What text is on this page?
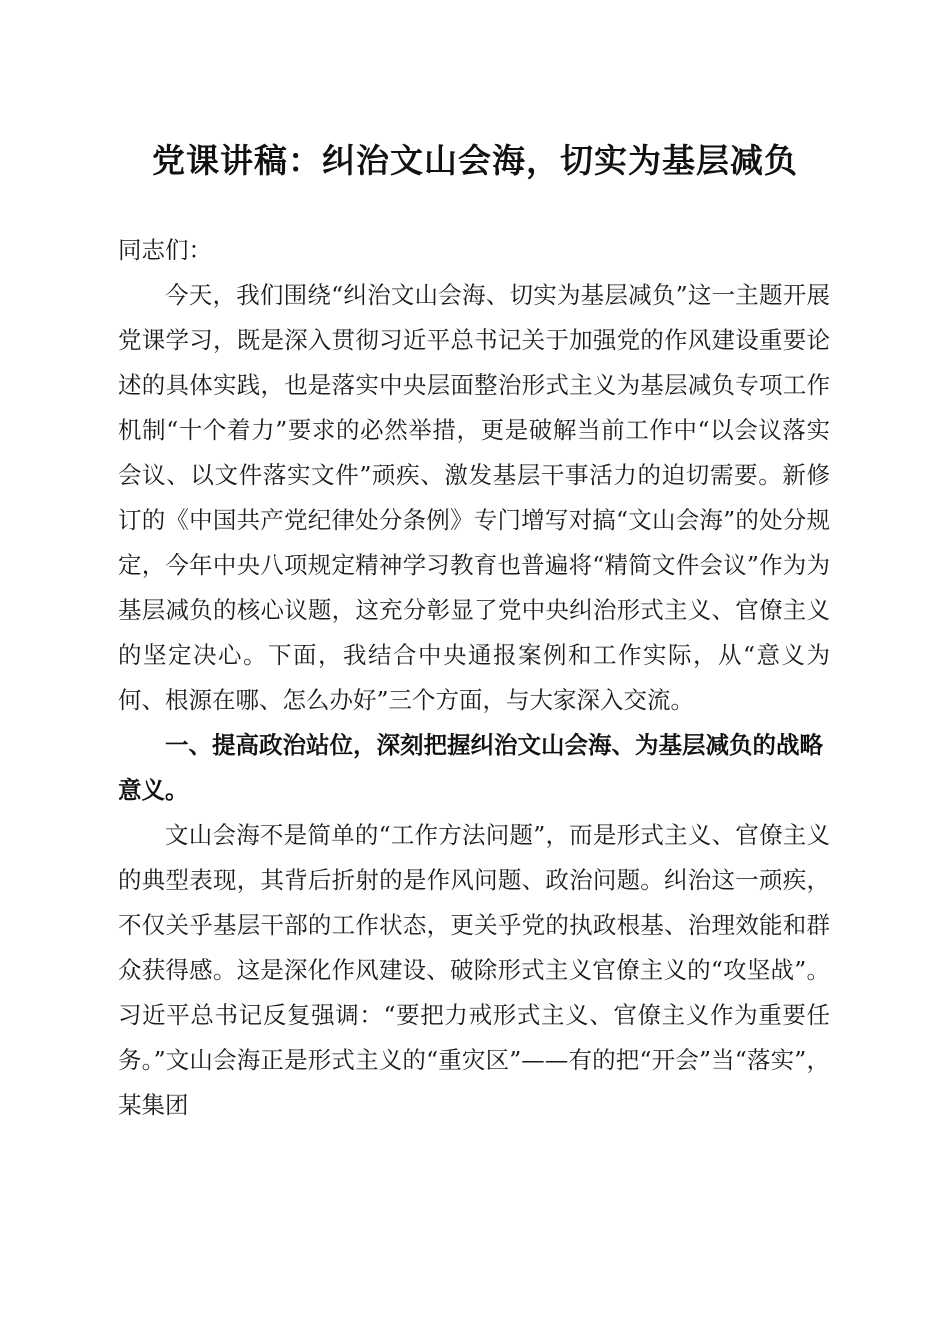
党课讲稿：纠治文山会海，切实为基层减负

同志们：

今天，我们围绕“纠治文山会海、切实为基层减负”这一主题开展党课学习，既是深入贯彻习近平总书记关于加强党的作风建设重要论述的具体实践，也是落实中央层面整治形式主义为基层减负专项工作机制“十个着力”要求的必然举措，更是破解当前工作中“以会议落实会议、以文件落实文件”顽疾、激发基层干事活力的迫切需要。新修订的《中国共产党纪律处分条例》专门增写对搞“文山会海”的处分规定，今年中央八项规定精神学习教育也普遍将“精简文件会议”作为为基层减负的核心议题，这充分彰显了党中央纠治形式主义、官僚主义的坚定决心。下面，我结合中央通报案例和工作实际，从“意义为何、根源在哪、怎么办好”三个方面，与大家深入交流。

一、提高政治站位，深刻把握纠治文山会海、为基层减负的战略意义。

文山会海不是简单的“工作方法问题”，而是形式主义、官僚主义的典型表现，其背后折射的是作风问题、政治问题。纠治这一顽疾，不仅关乎基层干部的工作状态，更关乎党的执政根基、治理效能和群众获得感。这是深化作风建设、破除形式主义官僚主义的“攻坚战”。习近平总书记反复强调：“要把力戒形式主义、官僚主义作为重要任务。”文山会海正是形式主义的“重灾区”——有的把“开会”当“落实”，某集团
